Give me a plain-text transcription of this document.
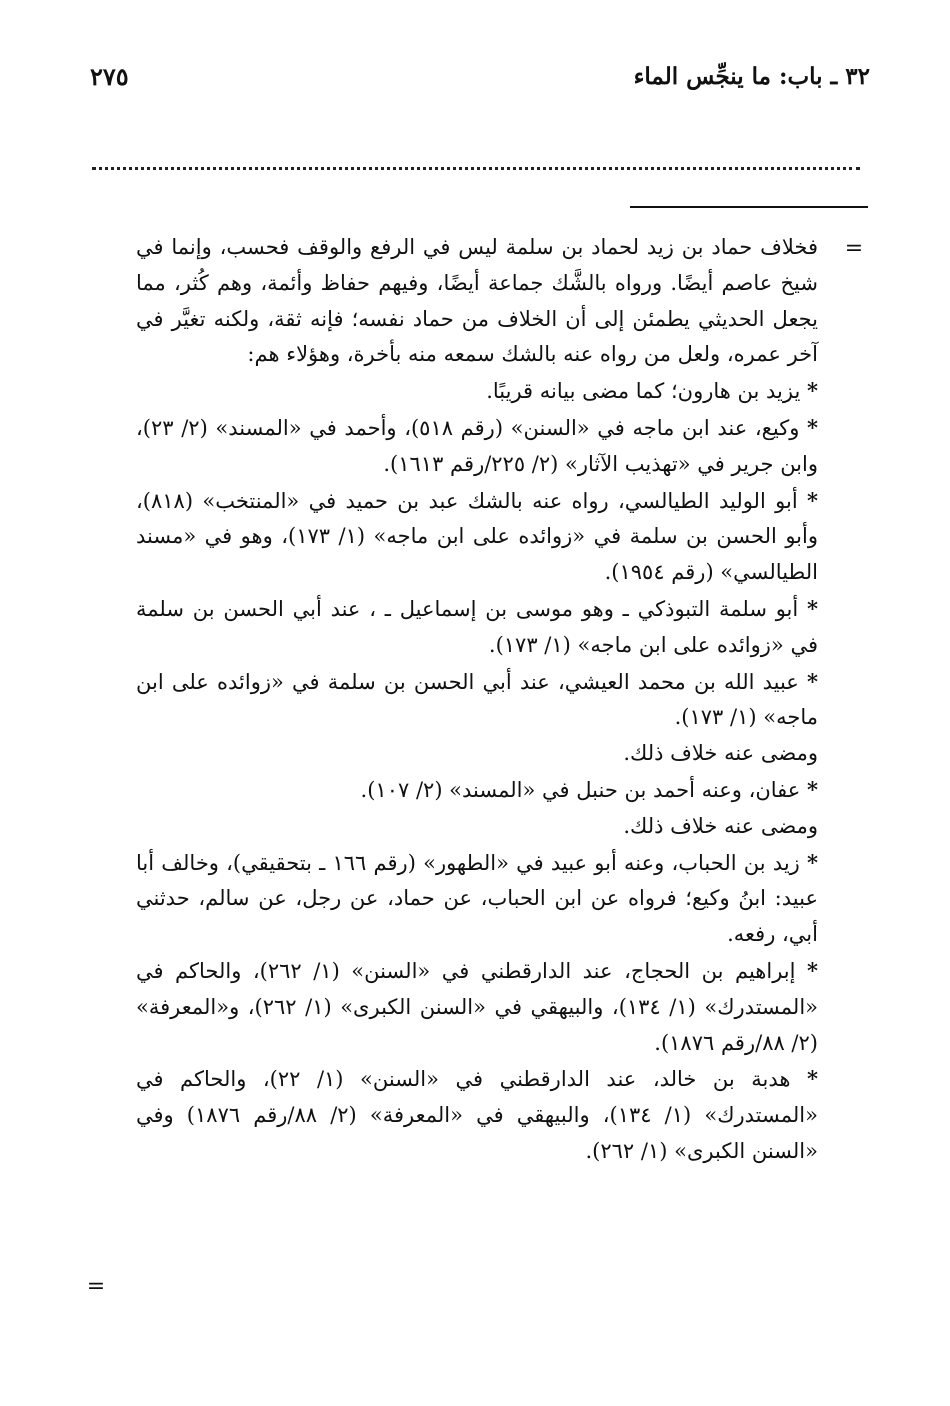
٣٢ ـ باب: ما ينجِّس الماء
٢٧٥
=

فخلاف حماد بن زيد لحماد بن سلمة ليس في الرفع والوقف فحسب، وإنما في شيخ عاصم أيضًا. ورواه بالشَّك جماعة أيضًا، وفيهم حفاظ وأئمة، وهم كُثر، مما يجعل الحديثي يطمئن إلى أن الخلاف من حماد نفسه؛ فإنه ثقة، ولكنه تغيَّر في آخر عمره، ولعل من رواه عنه بالشك سمعه منه بأخرة، وهؤلاء هم:

* يزيد بن هارون؛ كما مضى بيانه قريبًا.

* وكيع، عند ابن ماجه في «السنن» (رقم ٥١٨)، وأحمد في «المسند» (٢/ ٢٣)، وابن جرير في «تهذيب الآثار» (٢/ ٢٢٥/رقم ١٦١٣).

* أبو الوليد الطيالسي، رواه عنه بالشك عبد بن حميد في «المنتخب» (٨١٨)، وأبو الحسن بن سلمة في «زوائده على ابن ماجه» (١/ ١٧٣)، وهو في «مسند الطيالسي» (رقم ١٩٥٤).

* أبو سلمة التبوذكي ـ وهو موسى بن إسماعيل ـ ، عند أبي الحسن بن سلمة في «زوائده على ابن ماجه» (١/ ١٧٣).

* عبيد الله بن محمد العيشي، عند أبي الحسن بن سلمة في «زوائده على ابن ماجه» (١/ ١٧٣).

ومضى عنه خلاف ذلك.

* عفان، وعنه أحمد بن حنبل في «المسند» (٢/ ١٠٧).

ومضى عنه خلاف ذلك.

* زيد بن الحباب، وعنه أبو عبيد في «الطهور» (رقم ١٦٦ ـ بتحقيقي)، وخالف أبا عبيد: ابنُ وكيع؛ فرواه عن ابن الحباب، عن حماد، عن رجل، عن سالم، حدثني أبي، رفعه.

* إبراهيم بن الحجاج، عند الدارقطني في «السنن» (١/ ٢٦٢)، والحاكم في «المستدرك» (١/ ١٣٤)، والبيهقي في «السنن الكبرى» (١/ ٢٦٢)، و«المعرفة» (٢/ ٨٨/رقم ١٨٧٦).

* هدبة بن خالد، عند الدارقطني في «السنن» (١/ ٢٢)، والحاكم في «المستدرك» (١/ ١٣٤)، والبيهقي في «المعرفة» (٢/ ٨٨/رقم ١٨٧٦) وفي «السنن الكبرى» (١/ ٢٦٢).

=
